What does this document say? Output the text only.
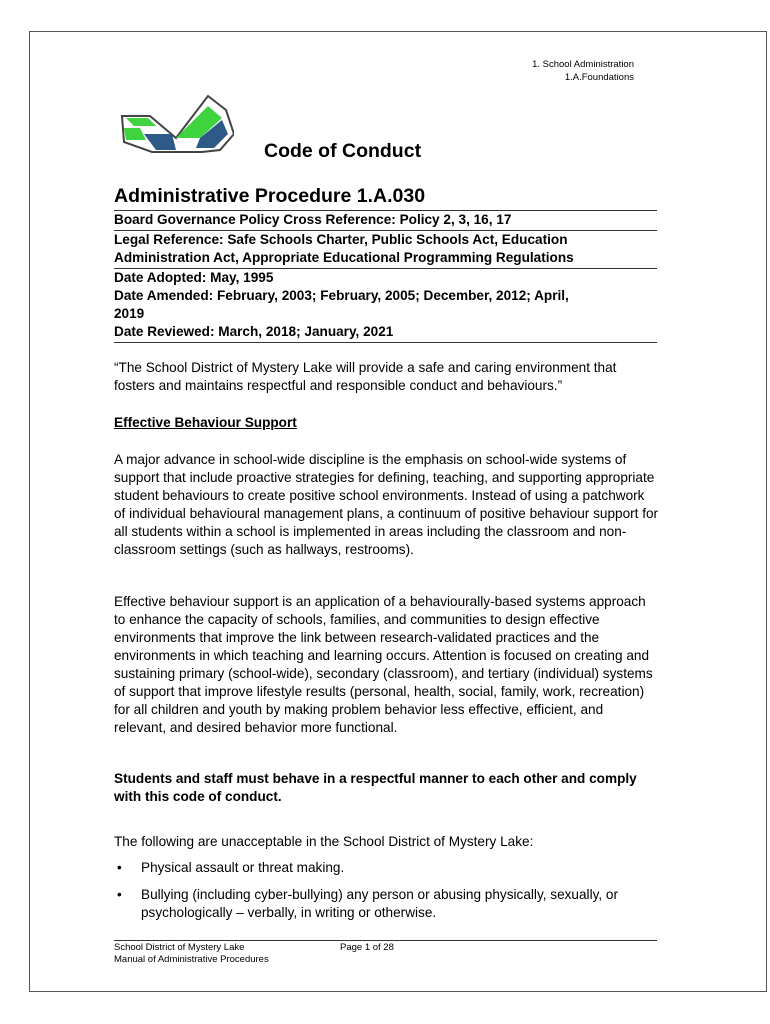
1. School Administration
1.A.Foundations
Code of Conduct
Administrative Procedure 1.A.030
Board Governance Policy Cross Reference: Policy 2, 3, 16, 17
Legal Reference: Safe Schools Charter, Public Schools Act, Education
Administration Act, Appropriate Educational Programming Regulations
Date Adopted: May, 1995
Date Amended: February, 2003; February, 2005; December, 2012; April,
2019
Date Reviewed: March, 2018; January, 2021
“The School District of Mystery Lake will provide a safe and caring environment that fosters and maintains respectful and responsible conduct and behaviours.”
Effective Behaviour Support
A major advance in school-wide discipline is the emphasis on school-wide systems of support that include proactive strategies for defining, teaching, and supporting appropriate student behaviours to create positive school environments. Instead of using a patchwork of individual behavioural management plans, a continuum of positive behaviour support for all students within a school is implemented in areas including the classroom and non-classroom settings (such as hallways, restrooms).
Effective behaviour support is an application of a behaviourally-based systems approach to enhance the capacity of schools, families, and communities to design effective environments that improve the link between research-validated practices and the environments in which teaching and learning occurs. Attention is focused on creating and sustaining primary (school-wide), secondary (classroom), and tertiary (individual) systems of support that improve lifestyle results (personal, health, social, family, work, recreation) for all children and youth by making problem behavior less effective, efficient, and relevant, and desired behavior more functional.
Students and staff must behave in a respectful manner to each other and comply with this code of conduct.
The following are unacceptable in the School District of Mystery Lake:
• Physical assault or threat making.
• Bullying (including cyber-bullying) any person or abusing physically, sexually, or psychologically – verbally, in writing or otherwise.
School District of Mystery Lake
Manual of Administrative Procedures
Page 1 of 28
